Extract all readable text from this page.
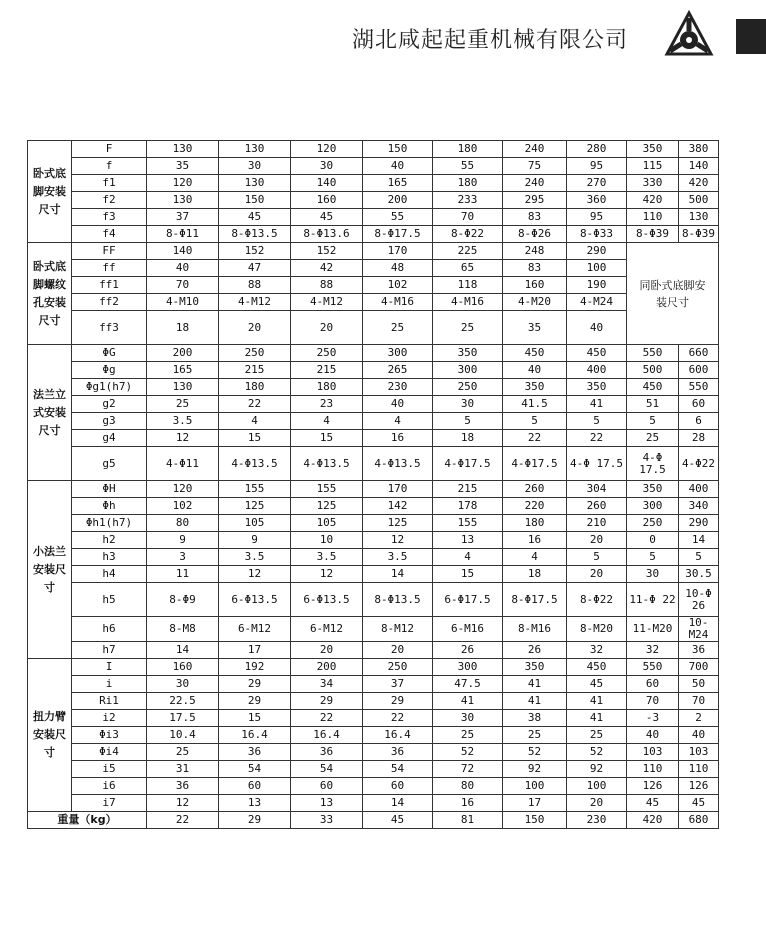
湖北咸起起重机械有限公司
卧式底脚安装尺寸	F	130	130	120	150	180	240	280	350	380
	f	35	30	30	40	55	75	95	115	140
	f1	120	130	140	165	180	240	270	330	420
	f2	130	150	160	200	233	295	360	420	500
	f3	37	45	45	55	70	83	95	110	130
	f4	8-Φ11	8-Φ13.5	8-Φ13.6	8-Φ17.5	8-Φ22	8-Φ26	8-Φ33	8-Φ39	8-Φ39
卧式底脚螺纹孔安装尺寸	FF	140	152	152	170	225	248	290	同卧式底脚安装尺寸	
	ff	40	47	42	48	65	83	100		
	ff1	70	88	88	102	118	160	190		
	ff2	4-M10	4-M12	4-M12	4-M16	4-M16	4-M20	4-M24		
	ff3	18	20	20	25	25	35	40		
法兰立式安装尺寸	ΦG	200	250	250	300	350	450	450	550	660
	Φg	165	215	215	265	300	40	400	500	600
	Φg1(h7)	130	180	180	230	250	350	350	450	550
	g2	25	22	23	40	30	41.5	41	51	60
	g3	3.5	4	4	4	5	5	5	5	6
	g4	12	15	15	16	18	22	22	25	28
	g5	4-Φ11	4-Φ13.5	4-Φ13.5	4-Φ13.5	4-Φ17.5	4-Φ17.5	4-Φ 17.5	4-Φ 17.5	4-Φ22
小法兰安装尺寸	ΦH	120	155	155	170	215	260	304	350	400
	Φh	102	125	125	142	178	220	260	300	340
	Φh1(h7)	80	105	105	125	155	180	210	250	290
	h2	9	9	10	12	13	16	20	0	14
	h3	3	3.5	3.5	3.5	4	4	5	5	5
	h4	11	12	12	14	15	18	20	30	30.5
	h5	8-Φ9	6-Φ13.5	6-Φ13.5	8-Φ13.5	6-Φ17.5	8-Φ17.5	8-Φ22	11-Φ 22	10-Φ 26
	h6	8-M8	6-M12	6-M12	8-M12	6-M16	8-M16	8-M20	11-M20	10-M24
	h7	14	17	20	20	26	26	32	32	36
扭力臂安装尺寸	I	160	192	200	250	300	350	450	550	700
	i	30	29	34	37	47.5	41	45	60	50
	Ri1	22.5	29	29	29	41	41	41	70	70
	i2	17.5	15	22	22	30	38	41	-3	2
	Φi3	10.4	16.4	16.4	16.4	25	25	25	40	40
	Φi4	25	36	36	36	52	52	52	103	103
	i5	31	54	54	54	72	92	92	110	110
	i6	36	60	60	60	80	100	100	126	126
	i7	12	13	13	14	16	17	20	45	45
重量（kg）		22	29	33	45	81	150	230	420	680
